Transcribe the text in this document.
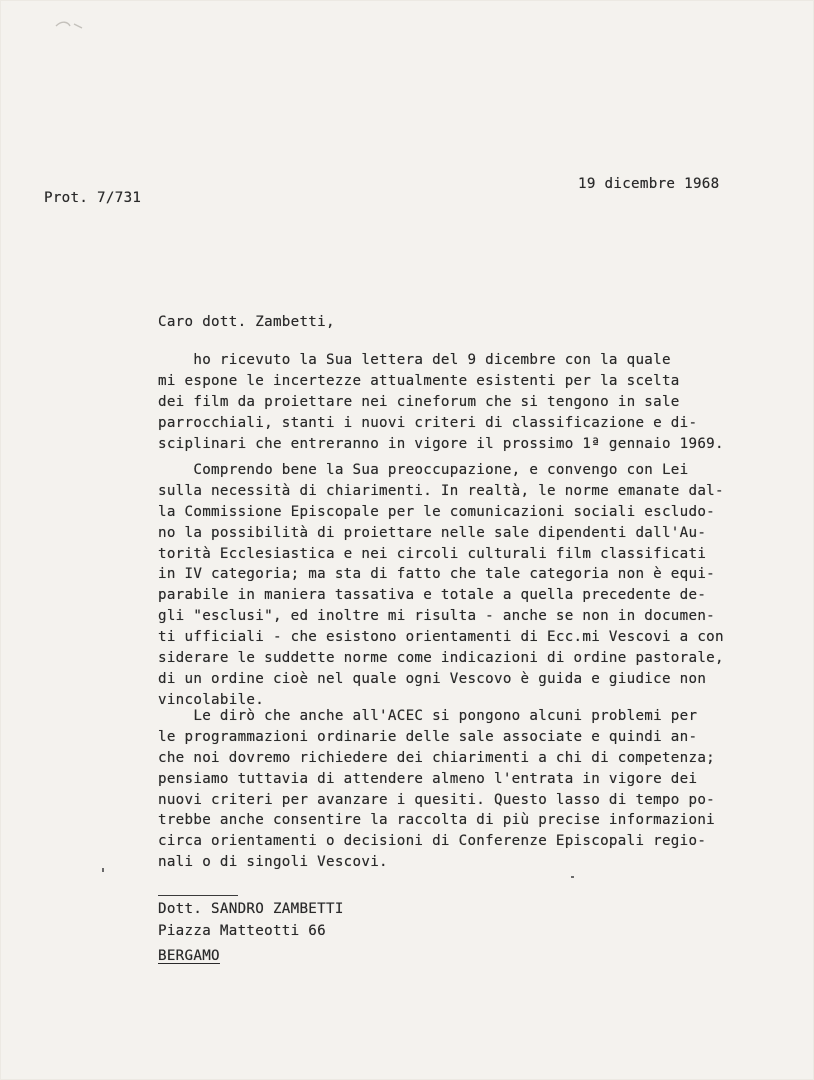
Prot. 7/731
19 dicembre 1968
Caro dott. Zambetti,
ho ricevuto la Sua lettera del 9 dicembre con la quale
mi espone le incertezze attualmente esistenti per la scelta
dei film da proiettare nei cineforum che si tengono in sale
parrocchiali, stanti i nuovi criteri di classificazione e di-
sciplinari che entreranno in vigore il prossimo 1ª gennaio 1969.
Comprendo bene la Sua preoccupazione, e convengo con Lei
sulla necessità di chiarimenti. In realtà, le norme emanate dal-
la Commissione Episcopale per le comunicazioni sociali escludo-
no la possibilità di proiettare nelle sale dipendenti dall'Au-
torità Ecclesiastica e nei circoli culturali film classificati
in IV categoria; ma sta di fatto che tale categoria non è equi-
parabile in maniera tassativa e totale a quella precedente de-
gli "esclusi", ed inoltre mi risulta - anche se non in documen-
ti ufficiali - che esistono orientamenti di Ecc.mi Vescovi a con
siderare le suddette norme come indicazioni di ordine pastorale,
di un ordine cioè nel quale ogni Vescovo è guida e giudice non
vincolabile.
Le dirò che anche all'ACEC si pongono alcuni problemi per
le programmazioni ordinarie delle sale associate e quindi an-
che noi dovremo richiedere dei chiarimenti a chi di competenza;
pensiamo tuttavia di attendere almeno l'entrata in vigore dei
nuovi criteri per avanzare i quesiti. Questo lasso di tempo po-
trebbe anche consentire la raccolta di più precise informazioni
circa orientamenti o decisioni di Conferenze Episcopali regio-
nali o di singoli Vescovi.
Dott. SANDRO ZAMBETTI
Piazza Matteotti 66
BERGAMO
